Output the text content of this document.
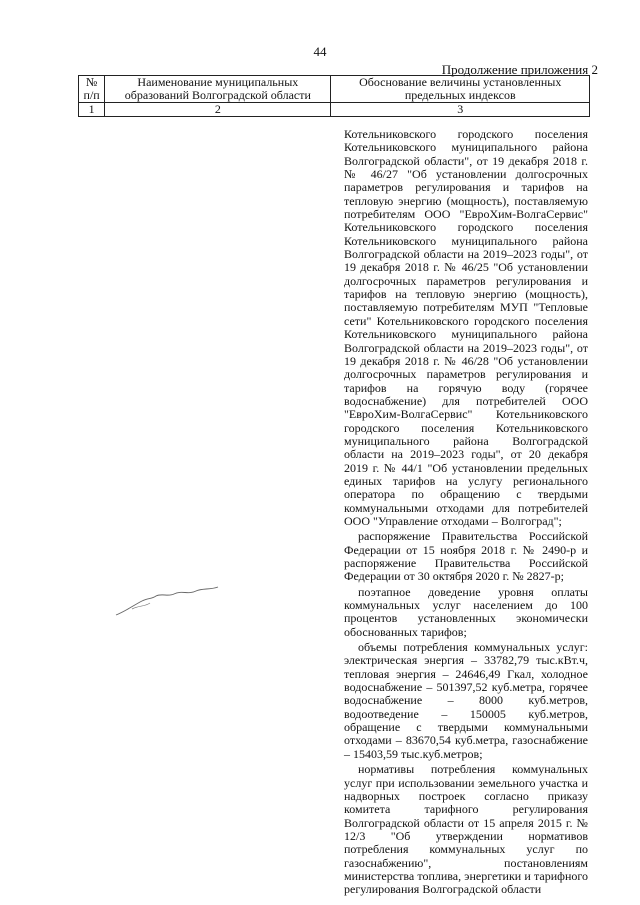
44
Продолжение приложения 2
№ п/п	Наименование муниципальных образований Волгоградской области	Обоснование величины установленных предельных индексов
1	2	3

Котельниковского городского поселения Котельниковского муниципального района Волгоградской области", от 19 декабря 2018 г. № 46/27 "Об установлении долгосрочных параметров регулирования и тарифов на тепловую энергию (мощность), поставляемую потребителям ООО "ЕвроХим-ВолгаСервис" Котельниковского городского поселения Котельниковского муниципального района Волгоградской области на 2019–2023 годы", от 19 декабря 2018 г. № 46/25 "Об установлении долгосрочных параметров регулирования и тарифов на тепловую энергию (мощность), поставляемую потребителям МУП "Тепловые сети" Котельниковского городского поселения Котельниковского муниципального района Волгоградской области на 2019–2023 годы", от 19 декабря 2018 г. № 46/28 "Об установлении долгосрочных параметров регулирования и тарифов на горячую воду (горячее водоснабжение) для потребителей ООО "ЕвроХим-ВолгаСервис" Котельниковского городского поселения Котельниковского муниципального района Волгоградской области на 2019–2023 годы", от 20 декабря 2019 г. № 44/1 "Об установлении предельных единых тарифов на услугу регионального оператора по обращению с твердыми коммунальными отходами для потребителей ООО "Управление отходами – Волгоград";

распоряжение Правительства Российской Федерации от 15 ноября 2018 г. № 2490-р и распоряжение Правительства Российской Федерации от 30 октября 2020 г. № 2827-р;

поэтапное доведение уровня оплаты коммунальных услуг населением до 100 процентов установленных экономически обоснованных тарифов;

объемы потребления коммунальных услуг: электрическая энергия – 33782,79 тыс.кВт.ч, тепловая энергия – 24646,49 Гкал, холодное водоснабжение – 501397,52 куб.метра, горячее водоснабжение – 8000 куб.метров, водоотведение – 150005 куб.метров, обращение с твердыми коммунальными отходами – 83670,54 куб.метра, газоснабжение – 15403,59 тыс.куб.метров;

нормативы потребления коммунальных услуг при использовании земельного участка и надворных построек согласно приказу комитета тарифного регулирования Волгоградской области от 15 апреля 2015 г. № 12/3 "Об утверждении нормативов потребления коммунальных услуг по газоснабжению", постановлениям министерства топлива, энергетики и тарифного регулирования Волгоградской области
